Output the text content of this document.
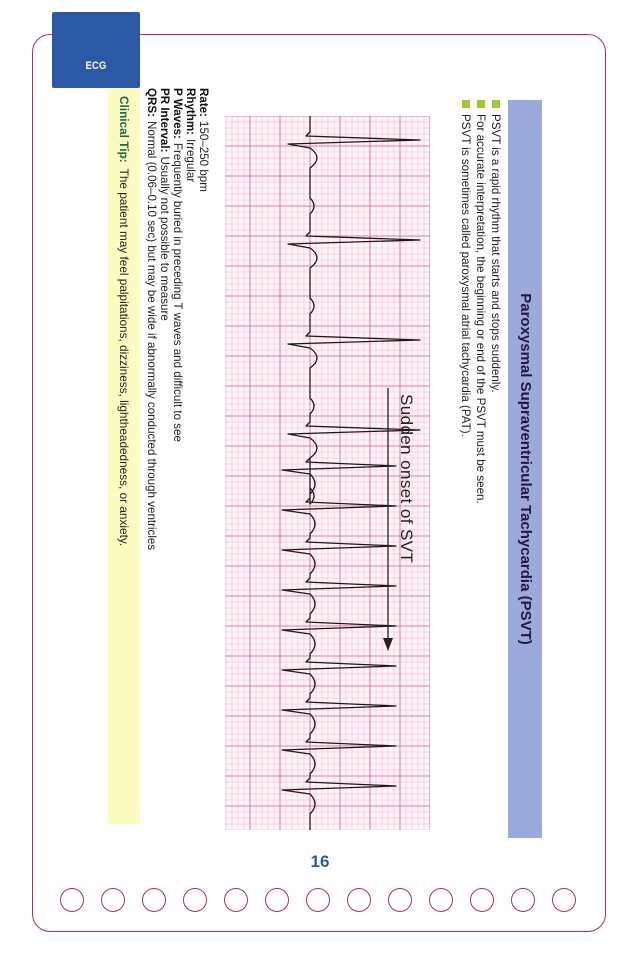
ECG
Paroxysmal Supraventricular Tachycardia (PSVT)
PSVT is a rapid rhythm that starts and stops suddenly.
For accurate interpretation, the beginning or end of the PSVT must be seen.
PSVT is sometimes called paroxysmal atrial tachycardia (PAT).
Sudden onset of SVT
Rate:150–250 bpm
Rhythm:Irregular
P Waves:Frequently buried in preceding T waves and difficult to see
PR Interval:Usually not possible to measure
QRS:Normal (0.06–0.10 sec) but may be wide if abnormally conducted through ventricles
Clinical Tip:The patient may feel palpitations, dizziness, lightheadedness, or anxiety.
16
